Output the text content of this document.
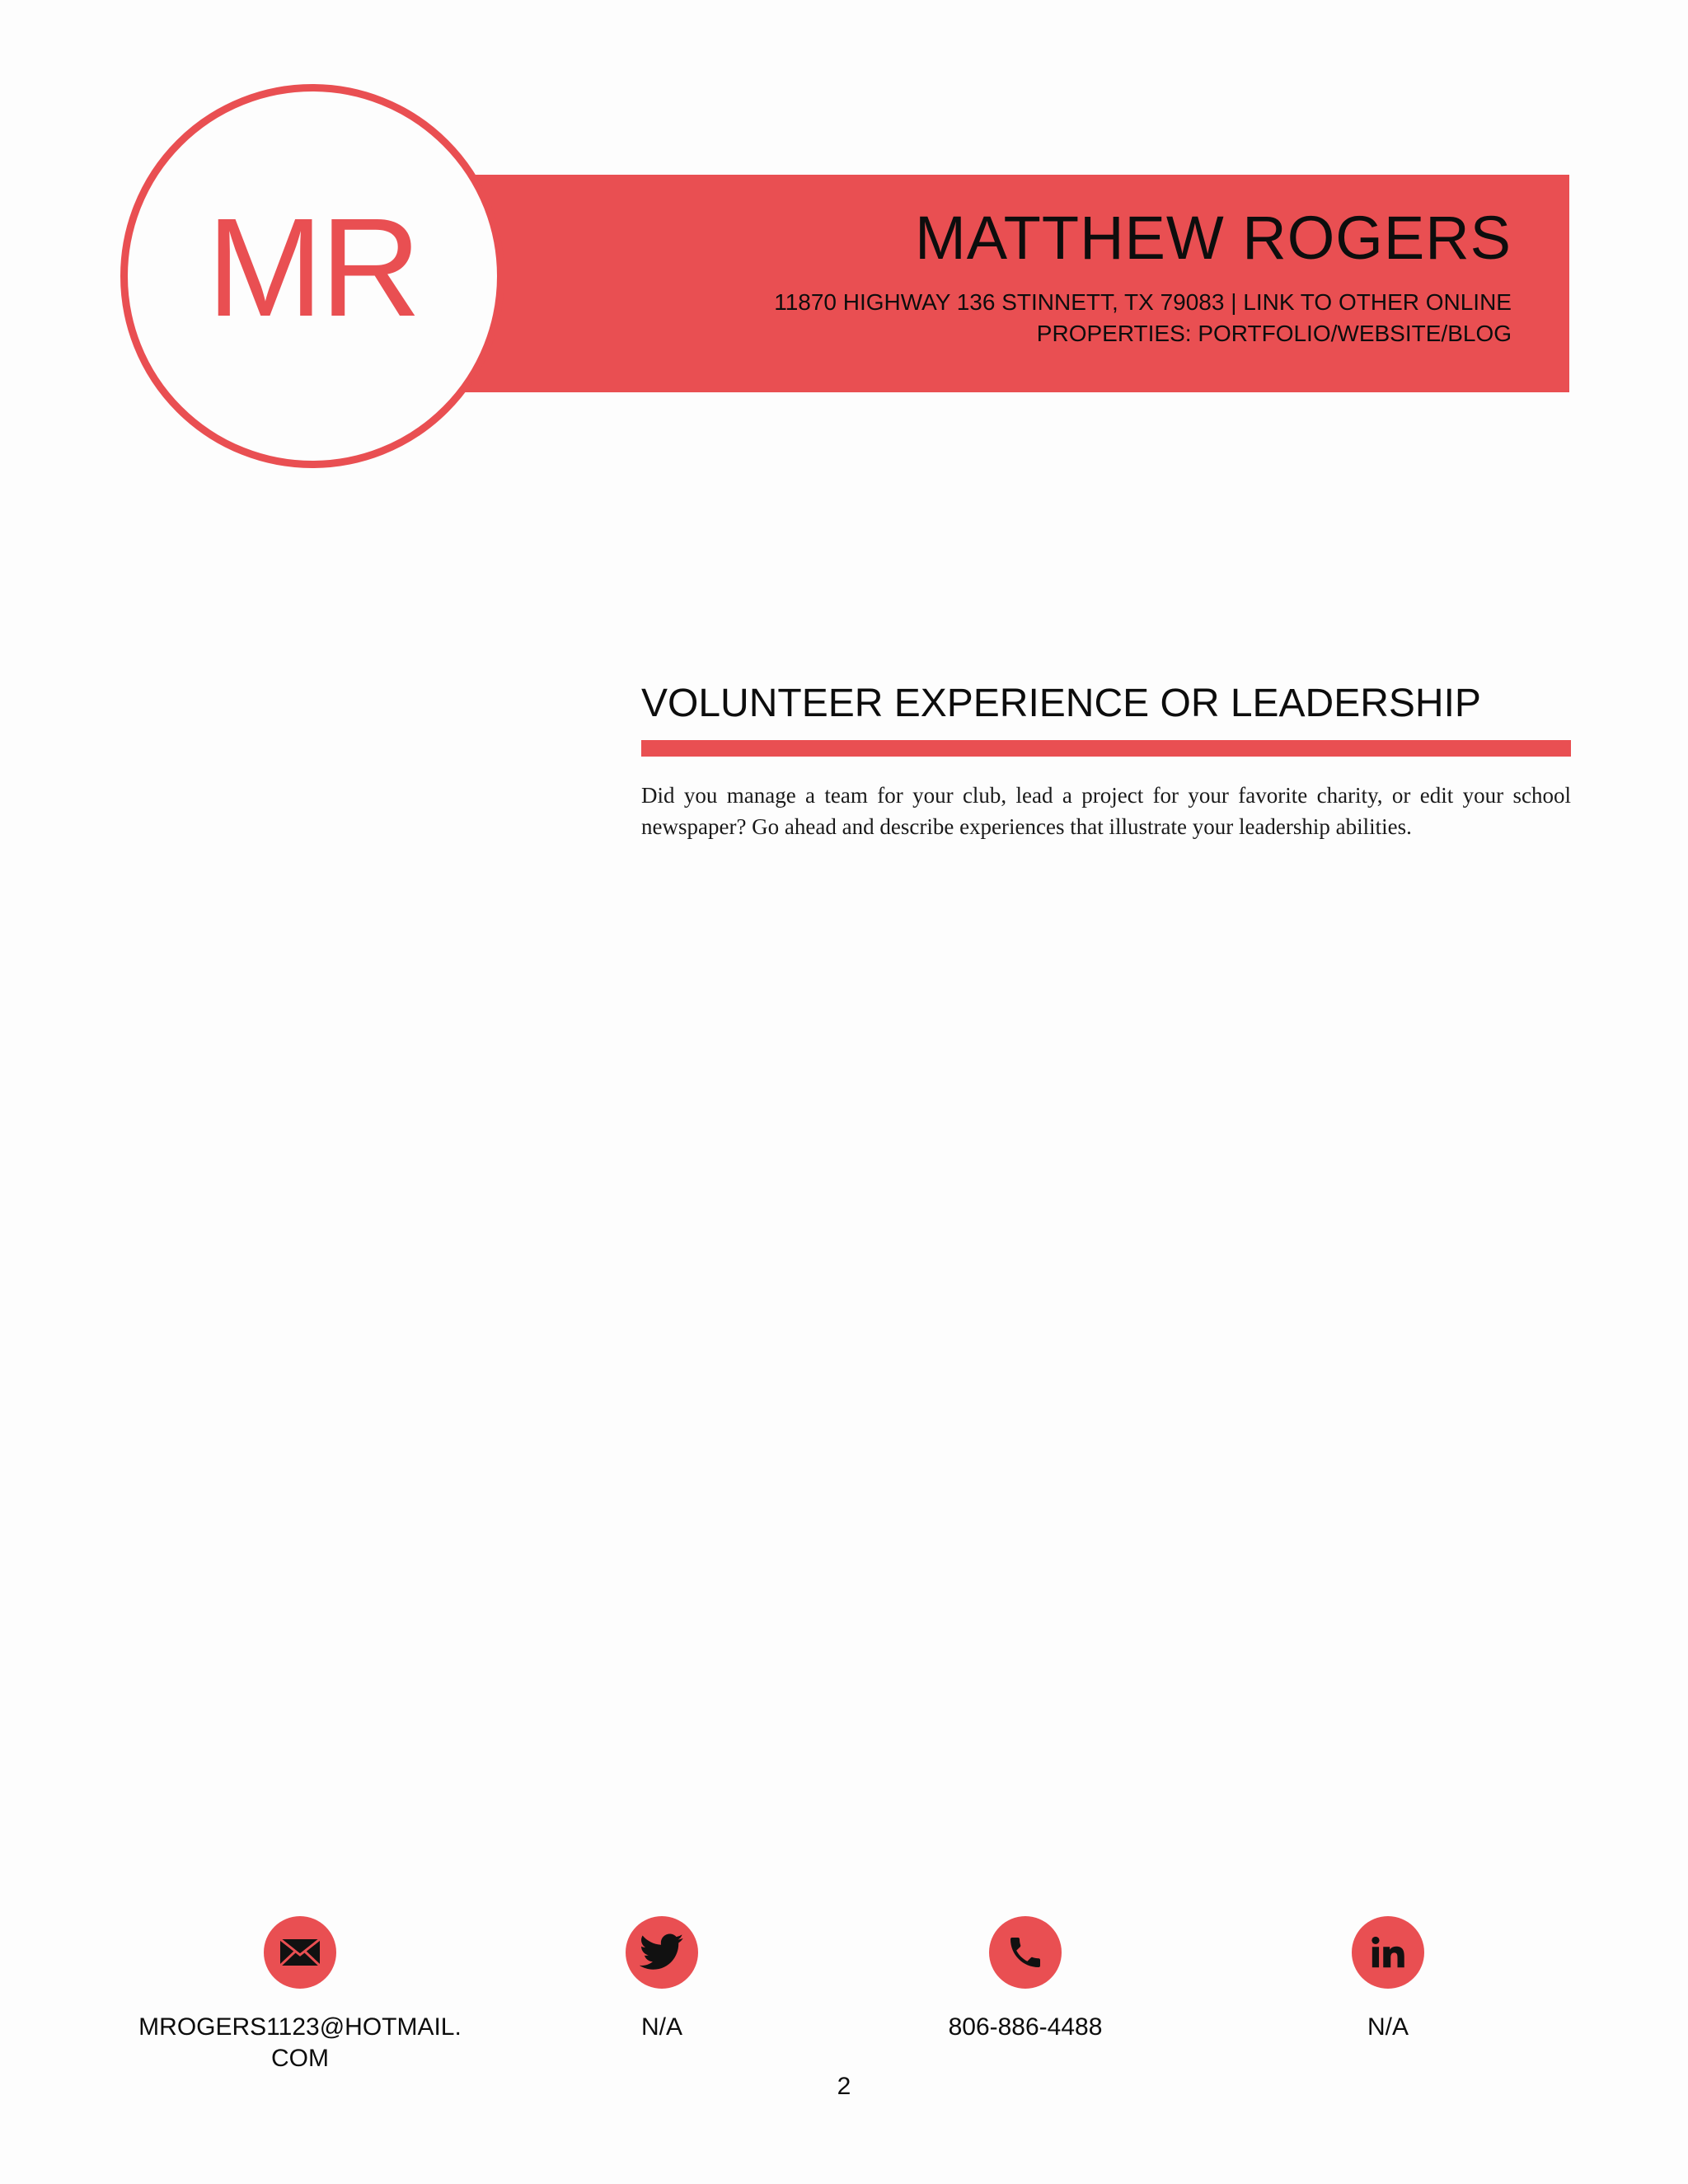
MR	MATTHEW ROGERS
11870 HIGHWAY 136 STINNETT, TX 79083 | LINK TO OTHER ONLINE PROPERTIES: PORTFOLIO/WEBSITE/BLOG
VOLUNTEER EXPERIENCE OR LEADERSHIP
Did you manage a team for your club, lead a project for your favorite charity, or edit your school newspaper? Go ahead and describe experiences that illustrate your leadership abilities.
MROGERS1123@HOTMAIL. COM
N/A	806-886-4488	N/A
2
